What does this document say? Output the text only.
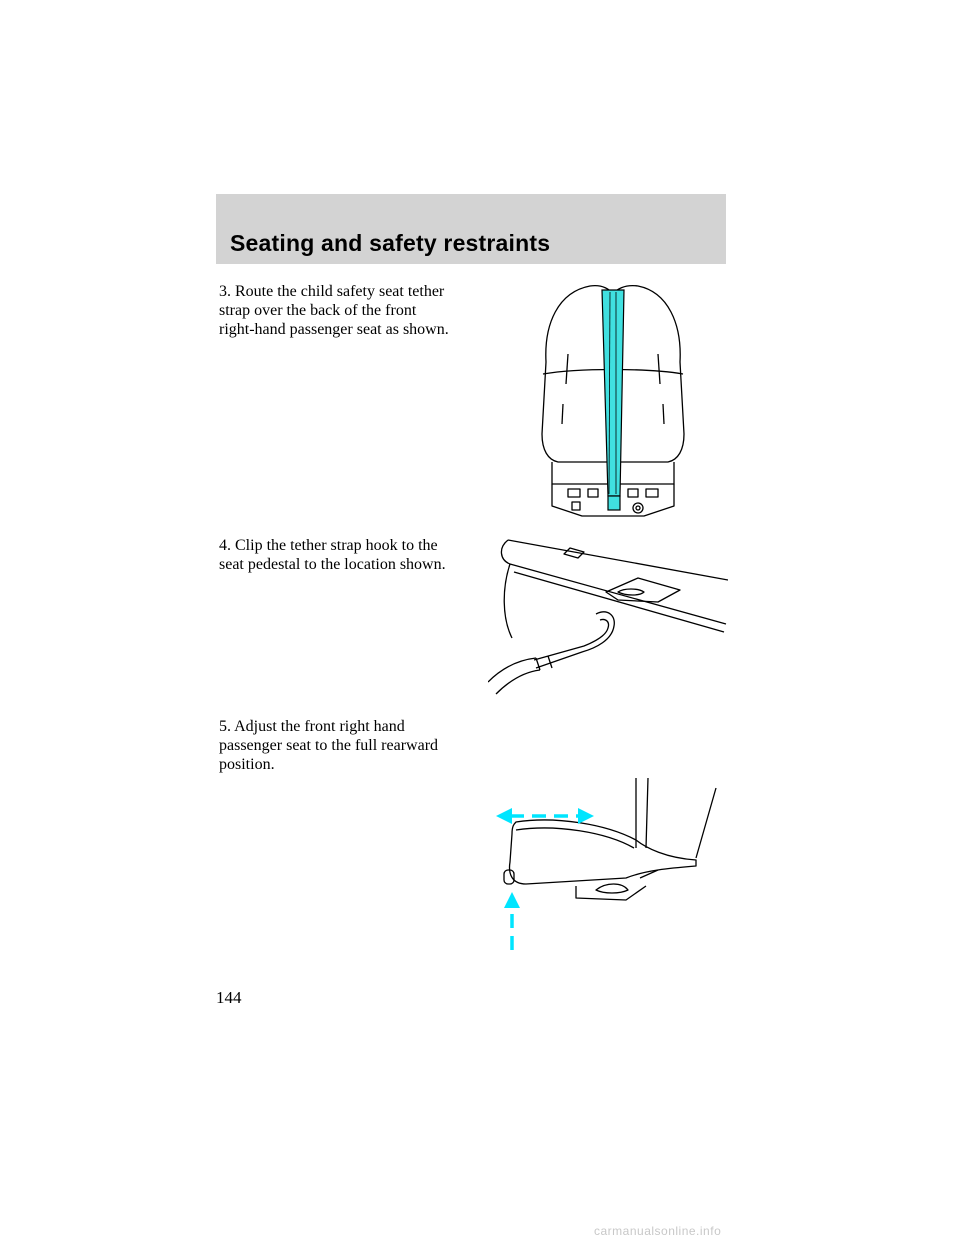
Seating and safety restraints

3. Route the child safety seat tether

strap over the back of the front

right-hand passenger seat as shown.

4. Clip the tether strap hook to the

seat pedestal to the location shown.

5. Adjust the front right hand

passenger seat to the full rearward

position.

144
carmanualsonline.info
